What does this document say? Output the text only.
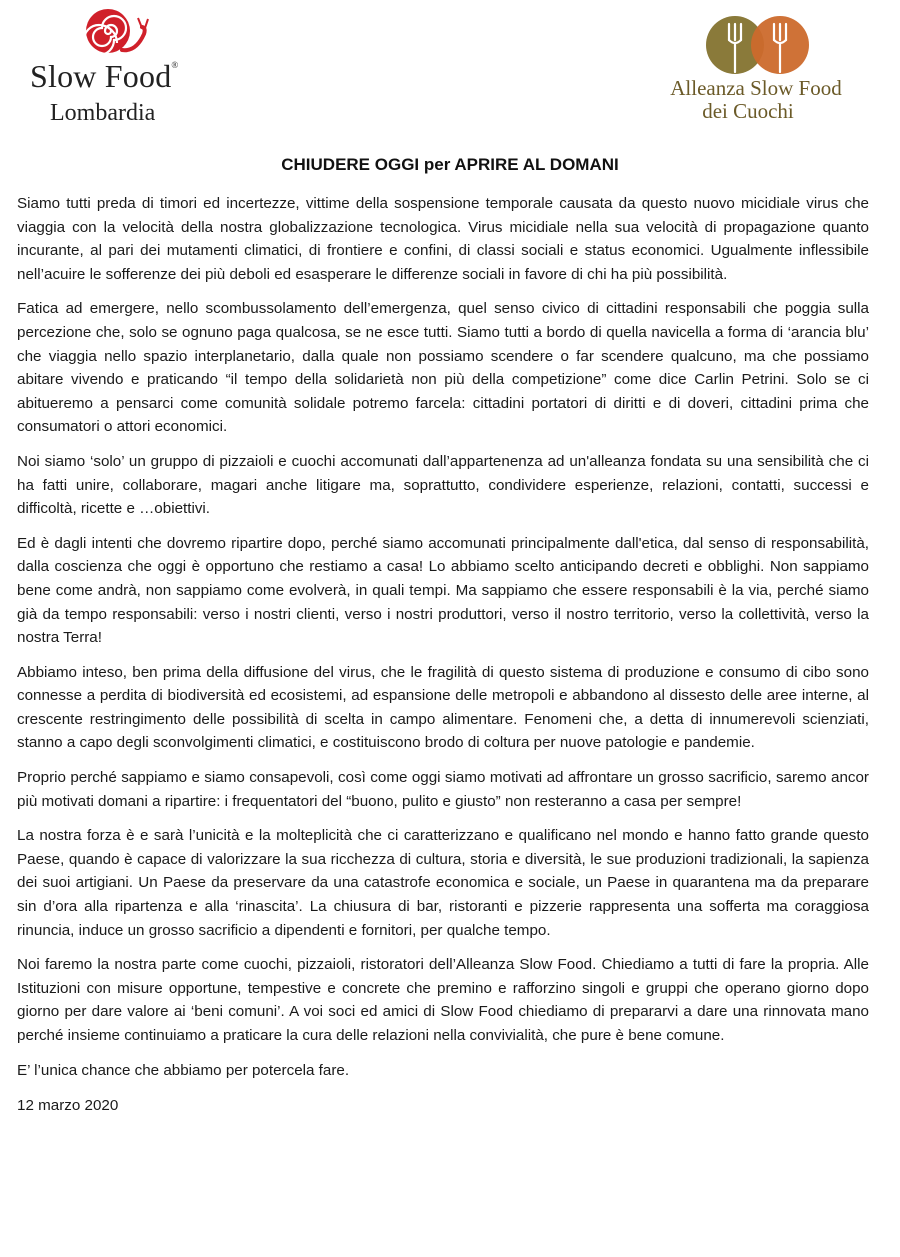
Slow Food®
Lombardia
Alleanza Slow Food
dei Cuochi
CHIUDERE OGGI per APRIRE AL DOMANI

Siamo tutti preda di timori ed incertezze, vittime della sospensione temporale causata da questo nuovo micidiale virus che viaggia con la velocità della nostra globalizzazione tecnologica. Virus micidiale nella sua velocità di propagazione quanto incurante, al pari dei mutamenti climatici, di frontiere e confini, di classi sociali e status economici. Ugualmente inflessibile nell’acuire le sofferenze dei più deboli ed esasperare le differenze sociali in favore di chi ha più possibilità.

Fatica ad emergere, nello scombussolamento dell’emergenza, quel senso civico di cittadini responsabili che poggia sulla percezione che, solo se ognuno paga qualcosa, se ne esce tutti. Siamo tutti a bordo di quella navicella a forma di ‘arancia blu’ che viaggia nello spazio interplanetario, dalla quale non possiamo scendere o far scendere qualcuno, ma che possiamo abitare vivendo e praticando “il tempo della solidarietà non più della competizione” come dice Carlin Petrini. Solo se ci abitueremo a pensarci come comunità solidale potremo farcela: cittadini portatori di diritti e di doveri, cittadini prima che consumatori o attori economici.

Noi siamo ‘solo’ un gruppo di pizzaioli e cuochi accomunati dall’appartenenza ad un'alleanza fondata su una sensibilità che ci ha fatti unire, collaborare, magari anche litigare ma, soprattutto, condividere esperienze, relazioni, contatti, successi e difficoltà, ricette e …obiettivi.

Ed è dagli intenti che dovremo ripartire dopo, perché siamo accomunati principalmente dall'etica, dal senso di responsabilità, dalla coscienza che oggi è opportuno che restiamo a casa! Lo abbiamo scelto anticipando decreti e obblighi. Non sappiamo bene come andrà, non sappiamo come evolverà, in quali tempi. Ma sappiamo che essere responsabili è la via, perché siamo già da tempo responsabili: verso i nostri clienti, verso i nostri produttori, verso il nostro territorio, verso la collettività, verso la nostra Terra!

Abbiamo inteso, ben prima della diffusione del virus, che le fragilità di questo sistema di produzione e consumo di cibo sono connesse a perdita di biodiversità ed ecosistemi, ad espansione delle metropoli e abbandono al dissesto delle aree interne, al crescente restringimento delle possibilità di scelta in campo alimentare. Fenomeni che, a detta di innumerevoli scienziati, stanno a capo degli sconvolgimenti climatici, e costituiscono brodo di coltura per nuove patologie e pandemie.

Proprio perché sappiamo e siamo consapevoli, così come oggi siamo motivati ad affrontare un grosso sacrificio, saremo ancor più motivati domani a ripartire: i frequentatori del “buono, pulito e giusto” non resteranno a casa per sempre!

La nostra forza è e sarà l’unicità e la molteplicità che ci caratterizzano e qualificano nel mondo e hanno fatto grande questo Paese, quando è capace di valorizzare la sua ricchezza di cultura, storia e diversità, le sue produzioni tradizionali, la sapienza dei suoi artigiani. Un Paese da preservare da una catastrofe economica e sociale, un Paese in quarantena ma da preparare sin d’ora alla ripartenza e alla ‘rinascita’. La chiusura di bar, ristoranti e pizzerie rappresenta una sofferta ma coraggiosa rinuncia, induce un grosso sacrificio a dipendenti e fornitori, per qualche tempo.

Noi faremo la nostra parte come cuochi, pizzaioli, ristoratori dell’Alleanza Slow Food. Chiediamo a tutti di fare la propria. Alle Istituzioni con misure opportune, tempestive e concrete che premino e rafforzino singoli e gruppi che operano giorno dopo giorno per dare valore ai ‘beni comuni’. A voi soci ed amici di Slow Food chiediamo di prepararvi a dare una rinnovata mano perché insieme continuiamo a praticare la cura delle relazioni nella convivialità, che pure è bene comune.

E’ l’unica chance che abbiamo per potercela fare.

12 marzo 2020
